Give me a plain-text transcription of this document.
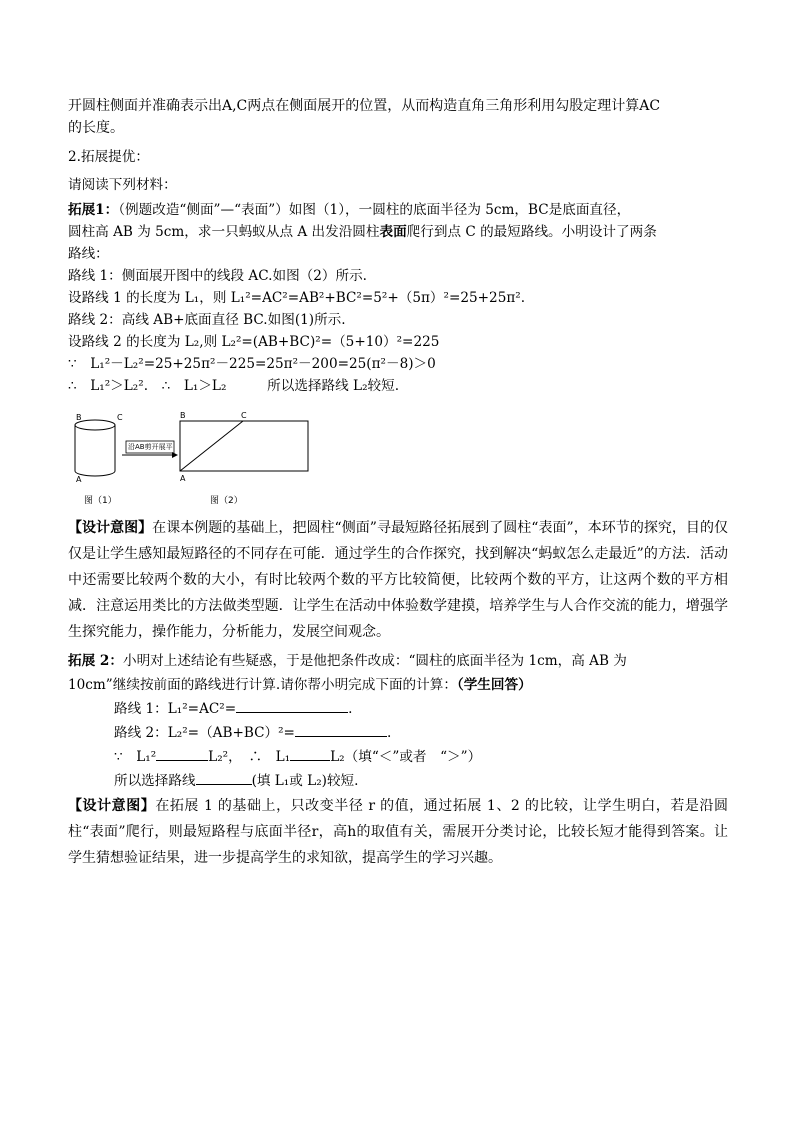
开圆柱侧面并准确表示出A,C两点在侧面展开的位置，从而构造直角三角形利用勾股定理计算AC

的长度。

2.拓展提优：

请阅读下列材料：

拓展1：（例题改造“侧面”—“表面”）如图（1），一圆柱的底面半径为 5cm，BC是底面直径，

圆柱高 AB 为 5cm，求一只蚂蚁从点 A 出发沿圆柱表面爬行到点 C 的最短路线。小明设计了两条

路线：

路线 1：侧面展开图中的线段 AC.如图（2）所示.

设路线 1 的长度为 L₁，则 L₁²=AC²=AB²+BC²=5²+（5π）²=25+25π².

路线 2：高线 AB+底面直径 BC.如图(1)所示.

设路线 2 的长度为 L₂,则 L₂²=(AB+BC)²=（5+10）²=225

∵　L₁²－L₂²=25+25π²－225=25π²－200=25(π²－8)＞0

∴　L₁²＞L₂².　∴　L₁＞L₂　　　所以选择路线 L₂较短.

B	C
A
沿AB剪开展平
B	C
A
图（1）	图（2）

【设计意图】在课本例题的基础上，把圆柱“侧面”寻最短路径拓展到了圆柱“表面”，本环节的探究，目的仅仅是让学生感知最短路径的不同存在可能．通过学生的合作探究，找到解决“蚂蚁怎么走最近”的方法．活动中还需要比较两个数的大小，有时比较两个数的平方比较简便，比较两个数的平方，让这两个数的平方相减．注意运用类比的方法做类型题．让学生在活动中体验数学建摸，培养学生与人合作交流的能力，增强学生探究能力，操作能力，分析能力，发展空间观念。

拓展 2：小明对上述结论有些疑惑，于是他把条件改成：“圆柱的底面半径为 1cm，高 AB 为

10cm”继续按前面的路线进行计算.请你帮小明完成下面的计算：（学生回答）

路线 1：L₁²=AC²=	.

路线 2：L₂²=（AB+BC）²=	.

∵　L₁²	L₂²，　∴　L₁	L₂（填“＜”或者　“＞”）

所以选择路线	(填 L₁或 L₂)较短.

【设计意图】在拓展 1 的基础上，只改变半径 r 的值，通过拓展 1、2 的比较，让学生明白，若是沿圆柱“表面”爬行，则最短路程与底面半径r，高h的取值有关，需展开分类讨论，比较长短才能得到答案。让学生猜想验证结果，进一步提高学生的求知欲，提高学生的学习兴趣。
